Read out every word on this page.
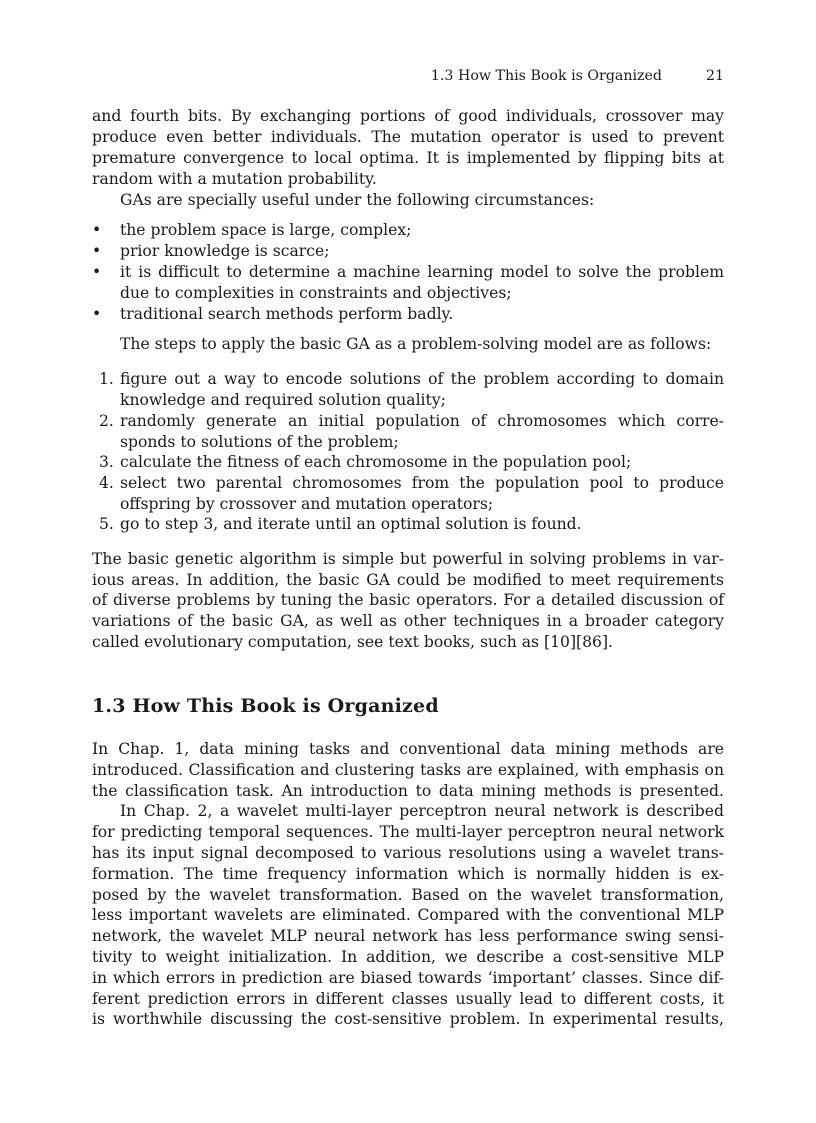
1.3 How This Book is Organized	21
and fourth bits. By exchanging portions of good individuals, crossover may
produce even better individuals. The mutation operator is used to prevent
premature convergence to local optima. It is implemented by flipping bits at
random with a mutation probability.
GAs are specially useful under the following circumstances:
• the problem space is large, complex;
• prior knowledge is scarce;
• it is difficult to determine a machine learning model to solve the problem
due to complexities in constraints and objectives;
• traditional search methods perform badly.
The steps to apply the basic GA as a problem-solving model are as follows:
1. figure out a way to encode solutions of the problem according to domain
knowledge and required solution quality;
2. randomly generate an initial population of chromosomes which corre-
sponds to solutions of the problem;
3. calculate the fitness of each chromosome in the population pool;
4. select two parental chromosomes from the population pool to produce
offspring by crossover and mutation operators;
5. go to step 3, and iterate until an optimal solution is found.
The basic genetic algorithm is simple but powerful in solving problems in var-
ious areas. In addition, the basic GA could be modified to meet requirements
of diverse problems by tuning the basic operators. For a detailed discussion of
variations of the basic GA, as well as other techniques in a broader category
called evolutionary computation, see text books, such as [10][86].
1.3 How This Book is Organized
In Chap. 1, data mining tasks and conventional data mining methods are
introduced. Classification and clustering tasks are explained, with emphasis on
the classification task. An introduction to data mining methods is presented.
In Chap. 2, a wavelet multi-layer perceptron neural network is described
for predicting temporal sequences. The multi-layer perceptron neural network
has its input signal decomposed to various resolutions using a wavelet trans-
formation. The time frequency information which is normally hidden is ex-
posed by the wavelet transformation. Based on the wavelet transformation,
less important wavelets are eliminated. Compared with the conventional MLP
network, the wavelet MLP neural network has less performance swing sensi-
tivity to weight initialization. In addition, we describe a cost-sensitive MLP
in which errors in prediction are biased towards ‘important’ classes. Since dif-
ferent prediction errors in different classes usually lead to different costs, it
is worthwhile discussing the cost-sensitive problem. In experimental results,
